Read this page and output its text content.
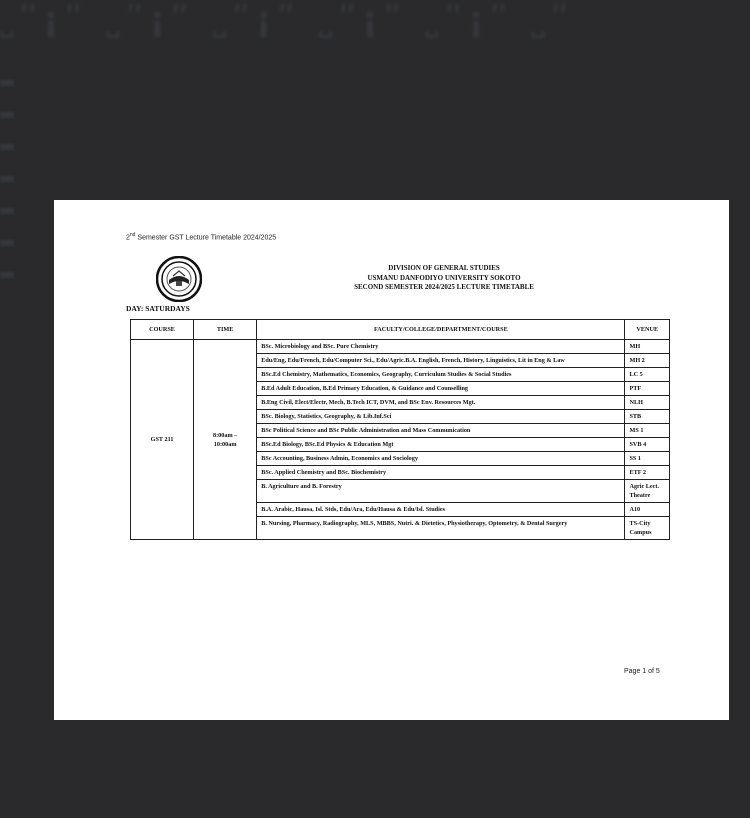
˽ʺ¡ʺ ˽ʺ¡ʺ ˽ʺ¡ʺ ˽ʺ¡ʺ ˽ʺ¡ʺ ˽ʺ
2nd Semester GST Lecture Timetable 2024/2025
DIVISION OF GENERAL STUDIES
USMANU DANFODIYO UNIVERSITY SOKOTO
SECOND SEMESTER 2024/2025 LECTURE TIMETABLE
DAY: SATURDAYS
COURSE	TIME	FACULTY/COLLEGE/DEPARTMENT/COURSE	VENUE
GST 211	8:00am –
10:00am	BSc. Microbiology and BSc. Pure Chemistry	MH
		Edu/Eng, Edu/French, Edu/Computer Sci., Edu/Agric.B.A. English, French, History, Linguistics, Lit in Eng & Law	MH 2
		BSc.Ed Chemistry, Mathematics, Economics, Geography, Curriculum Studies & Social Studies	LC 5
		B.Ed Adult Education, B.Ed Primary Education, & Guidance and Counselling	PTF
		B.Eng Civil, Elect/Electr, Mech, B.Tech ICT, DVM, and BSc Env. Resources Mgt.	NLH
		BSc. Biology, Statistics, Geography, & Lib.Inf.Sci	STB
		BSc Political Science and BSc Public Administration and Mass Communication	MS 1
		BSc.Ed Biology, BSc.Ed Physics & Education Mgt	SVB 4
		BSc Accounting, Business Admin, Economics and Sociology	SS 1
		BSc. Applied Chemistry and BSc. Biochemistry	ETF 2
		B. Agriculture and B. Forestry	Agric Lect. Theatre
		B.A. Arabic, Hausa, Isl. Stds, Edu/Ara, Edu/Hausa & Edu/Isl. Studies	A10
		B. Nursing, Pharmacy, Radiography, MLS, MBBS, Nutri. & Dietetics, Physiotherapy, Optometry, & Dental Surgery	TS-City Campus
Page 1 of 5
